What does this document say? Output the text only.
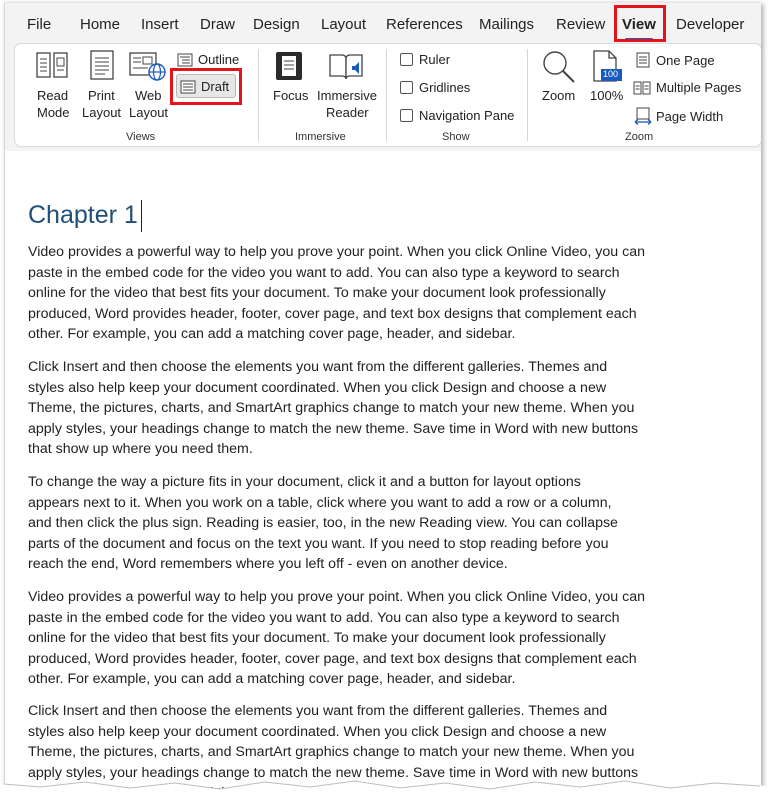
File Home Insert Draw Design Layout References Mailings Review View Developer
Read
Mode
Print
Layout
Web
Layout
Outline
Draft
Views
Focus Immersive
Reader
Immersive
Ruler
Gridlines
Navigation Pane
Show
Zoom
100
100%
One Page
Multiple Pages
Page Width
Zoom
Chapter 1
Video provides a powerful way to help you prove your point. When you click Online Video, you can
paste in the embed code for the video you want to add. You can also type a keyword to search
online for the video that best fits your document. To make your document look professionally
produced, Word provides header, footer, cover page, and text box designs that complement each
other. For example, you can add a matching cover page, header, and sidebar.
Click Insert and then choose the elements you want from the different galleries. Themes and
styles also help keep your document coordinated. When you click Design and choose a new
Theme, the pictures, charts, and SmartArt graphics change to match your new theme. When you
apply styles, your headings change to match the new theme. Save time in Word with new buttons
that show up where you need them.
To change the way a picture fits in your document, click it and a button for layout options
appears next to it. When you work on a table, click where you want to add a row or a column,
and then click the plus sign. Reading is easier, too, in the new Reading view. You can collapse
parts of the document and focus on the text you want. If you need to stop reading before you
reach the end, Word remembers where you left off - even on another device.
Video provides a powerful way to help you prove your point. When you click Online Video, you can
paste in the embed code for the video you want to add. You can also type a keyword to search
online for the video that best fits your document. To make your document look professionally
produced, Word provides header, footer, cover page, and text box designs that complement each
other. For example, you can add a matching cover page, header, and sidebar.
Click Insert and then choose the elements you want from the different galleries. Themes and
styles also help keep your document coordinated. When you click Design and choose a new
Theme, the pictures, charts, and SmartArt graphics change to match your new theme. When you
apply styles, your headings change to match the new theme. Save time in Word with new buttons
